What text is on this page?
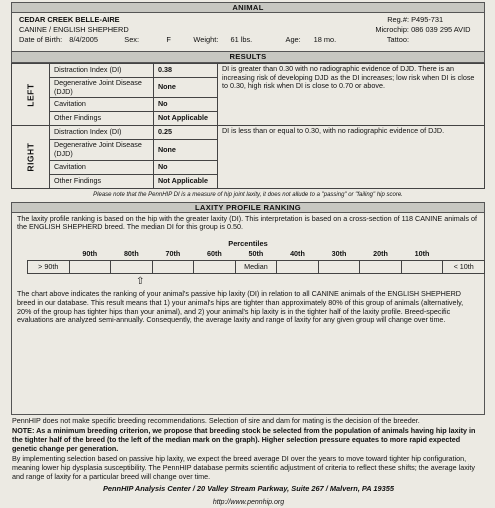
ANIMAL
CEDAR CREEK BELLE-AIRE
CANINE / ENGLISH SHEPHERD
Date of Birth: 8/4/2005	Sex:	F	Weight: 61 lbs.	Age: 18 mo.
Reg.#: P495-731
Microchip: 086 039 295 AVID
Tattoo:
RESULTS
LEFT	Distraction Index (DI)	0.38	DI is greater than 0.30 with no radiographic evidence of DJD. There is an increasing risk of developing DJD as the DI increases; low risk when DI is close to 0.30, high risk when DI is close to 0.70 or above.
	Degenerative Joint Disease (DJD)	None	
	Cavitation	No	
	Other Findings	Not Applicable	
RIGHT	Distraction Index (DI)	0.25	DI is less than or equal to 0.30, with no radiographic evidence of DJD.
	Degenerative Joint Disease (DJD)	None	
	Cavitation	No	
	Other Findings	Not Applicable	
Please note that the PennHIP DI is a measure of hip joint laxity, it does not allude to a "passing" or "failing" hip score.
LAXITY PROFILE RANKING

The laxity profile ranking is based on the hip with the greater laxity (DI). This interpretation is based on a cross-section of 118 CANINE animals of the ENGLISH SHEPHERD breed. The median DI for this group is 0.50.

Percentiles
	90th	80th	70th	60th	50th	40th	30th	20th	10th	
> 90th					Median					< 10th
⇧

The chart above indicates the ranking of your animal's passive hip laxity (DI) in relation to all CANINE animals of the ENGLISH SHEPHERD breed in our database. This result means that 1) your animal's hips are tighter than approximately 80% of this group of animals (alternatively, 20% of the group has tighter hips than your animal), and 2) your animal's hip laxity is in the tighter half of the laxity profile. Breed-specific evaluations are analyzed semi-annually. Consequently, the average laxity and range of laxity for any given group will change over time.

PennHIP does not make specific breeding recommendations. Selection of sire and dam for mating is the decision of the breeder.

NOTE: As a minimum breeding criterion, we propose that breeding stock be selected from the population of animals having hip laxity in the tighter half of the breed (to the left of the median mark on the graph). Higher selection pressure equates to more rapid expected genetic change per generation.

By implementing selection based on passive hip laxity, we expect the breed average DI over the years to move toward tighter hip configuration, meaning lower hip dysplasia susceptibility. The PennHIP database permits scientific adjustment of criteria to reflect these shifts; the average laxity and range of laxity for a particular breed will change over time.

PennHIP Analysis Center / 20 Valley Stream Parkway, Suite 267 / Malvern, PA 19355
http://www.pennhip.org
